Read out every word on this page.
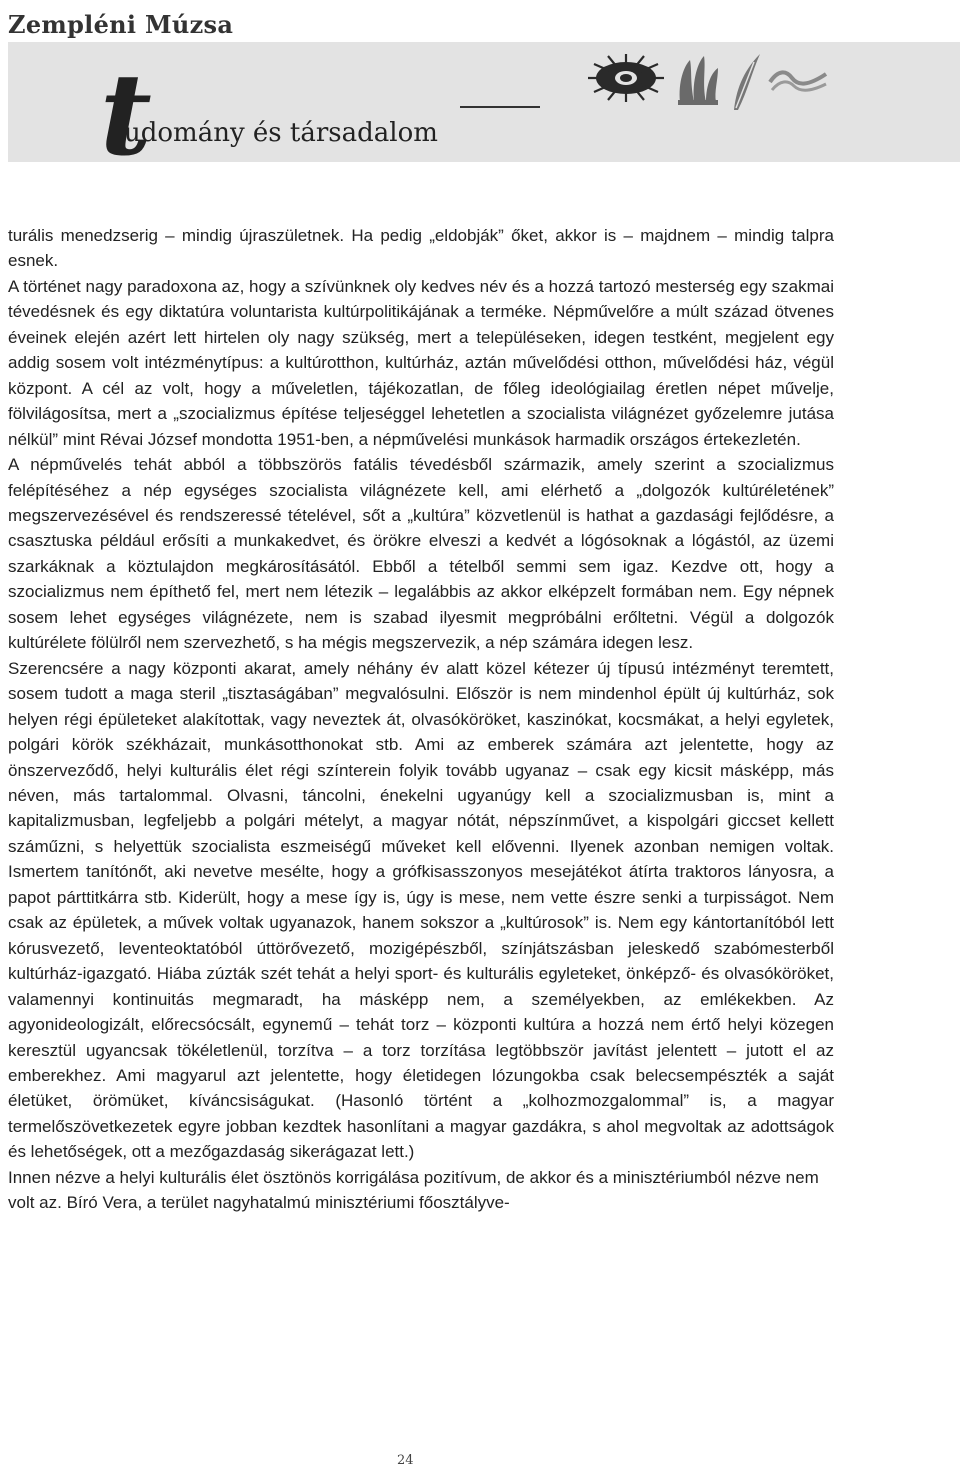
Zempléni Múzsa
t
udomány és társadalom

turális menedzserig – mindig újraszületnek. Ha pedig „eldobják” őket, akkor is – majdnem – mindig talpra esnek.

A történet nagy paradoxona az, hogy a szívünknek oly kedves név és a hozzá tartozó mesterség egy szakmai tévedésnek és egy diktatúra voluntarista kultúrpolitikájának a terméke. Népművelőre a múlt század ötvenes éveinek elején azért lett hirtelen oly nagy szükség, mert a településeken, idegen testként, megjelent egy addig sosem volt intézménytípus: a kultúrotthon, kultúrház, aztán művelődési otthon, művelődési ház, végül központ. A cél az volt, hogy a műveletlen, tájékozatlan, de főleg ideológiailag éretlen népet művelje, fölvilágosítsa, mert a „szocializmus építése teljeséggel lehetetlen a szocialista világnézet győzelemre jutása nélkül” mint Révai József mondotta 1951-ben, a népművelési munkások harmadik országos értekezletén.

A népművelés tehát abból a többszörös fatális tévedésből származik, amely szerint a szocializmus felépítéséhez a nép egységes szocialista világnézete kell, ami elérhető a „dolgozók kultúréletének” megszervezésével és rendszeressé tételével, sőt a „kultúra” közvetlenül is hathat a gazdasági fejlődésre, a csasztuska például erősíti a munkakedvet, és örökre elveszi a kedvét a lógósoknak a lógástól, az üzemi szarkáknak a köztulajdon megkárosításától. Ebből a tételből semmi sem igaz. Kezdve ott, hogy a szocializmus nem építhető fel, mert nem létezik – legalábbis az akkor elképzelt formában nem. Egy népnek sosem lehet egységes világnézete, nem is szabad ilyesmit megpróbálni erőltetni. Végül a dolgozók kultúrélete fölülről nem szervezhető, s ha mégis megszervezik, a nép számára idegen lesz.

Szerencsére a nagy központi akarat, amely néhány év alatt közel kétezer új típusú intézményt teremtett, sosem tudott a maga steril „tisztaságában” megvalósulni. Először is nem mindenhol épült új kultúrház, sok helyen régi épületeket alakítottak, vagy neveztek át, olvasóköröket, kaszinókat, kocsmákat, a helyi egyletek, polgári körök székházait, munkásotthonokat stb. Ami az emberek számára azt jelentette, hogy az önszerveződő, helyi kulturális élet régi színterein folyik tovább ugyanaz – csak egy kicsit másképp, más néven, más tartalommal. Olvasni, táncolni, énekelni ugyanúgy kell a szocializmusban is, mint a kapitalizmusban, legfeljebb a polgári mételyt, a magyar nótát, népszínművet, a kispolgári giccset kellett száműzni, s helyettük szocialista eszmeiségű műveket kell elővenni. Ilyenek azonban nemigen voltak. Ismertem tanítónőt, aki nevetve mesélte, hogy a grófkisasszonyos mesejátékot átírta traktoros lányosra, a papot párttitkárra stb. Kiderült, hogy a mese így is, úgy is mese, nem vette észre senki a turpisságot. Nem csak az épületek, a művek voltak ugyanazok, hanem sokszor a „kultúrosok” is. Nem egy kántortanítóból lett kórusvezető, leventeoktatóból úttörővezető, mozigépészből, színjátszásban jeleskedő szabómesterből kultúrház-igazgató. Hiába zúzták szét tehát a helyi sport- és kulturális egyleteket, önképző- és olvasóköröket, valamennyi kontinuitás megmaradt, ha másképp nem, a személyekben, az emlékekben. Az agyonideologizált, előrecsócsált, egynemű – tehát torz – központi kultúra a hozzá nem értő helyi közegen keresztül ugyancsak tökéletlenül, torzítva – a torz torzítása legtöbbször javítást jelentett – jutott el az emberekhez. Ami magyarul azt jelentette, hogy életidegen lózungokba csak belecsempészték a saját életüket, örömüket, kíváncsiságukat. (Hasonló történt a „kolhozmozgalommal” is, a magyar termelőszövetkezetek egyre jobban kezdtek hasonlítani a magyar gazdákra, s ahol megvoltak az adottságok és lehetőségek, ott a mezőgazdaság sikerágazat lett.)

Innen nézve a helyi kulturális élet ösztönös korrigálása pozitívum, de akkor és a minisztériumból nézve nem volt az. Bíró Vera, a terület nagyhatalmú minisztériumi főosztályve-

24
